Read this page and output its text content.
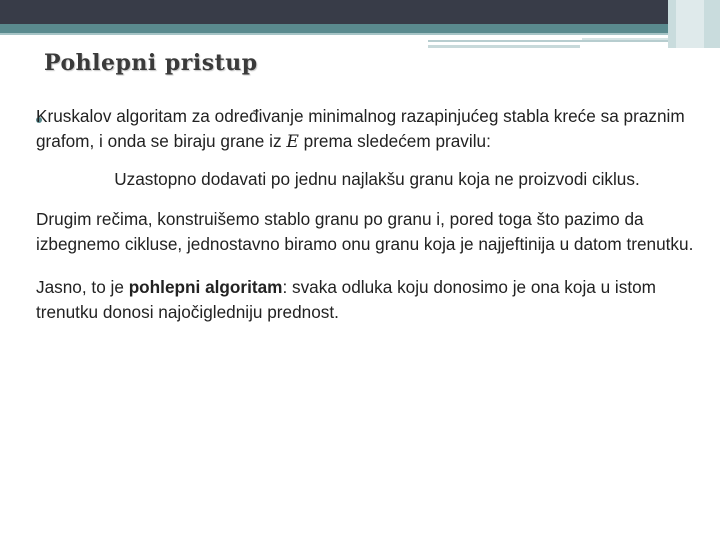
Pohlepni pristup

Kruskalov algoritam za određivanje minimalnog razapinjućeg stabla kreće sa praznim grafom, i onda se biraju grane iz E prema sledećem pravilu:

Uzastopno dodavati po jednu najlakšu granu koja ne proizvodi ciklus.

Drugim rečima, konstruišemo stablo granu po granu i, pored toga što pazimo da izbegnemo cikluse, jednostavno biramo onu granu koja je najjeftinija u datom trenutku.

Jasno, to je pohlepni algoritam: svaka odluka koju donosimo je ona koja u istom trenutku donosi najočigledniju prednost.
